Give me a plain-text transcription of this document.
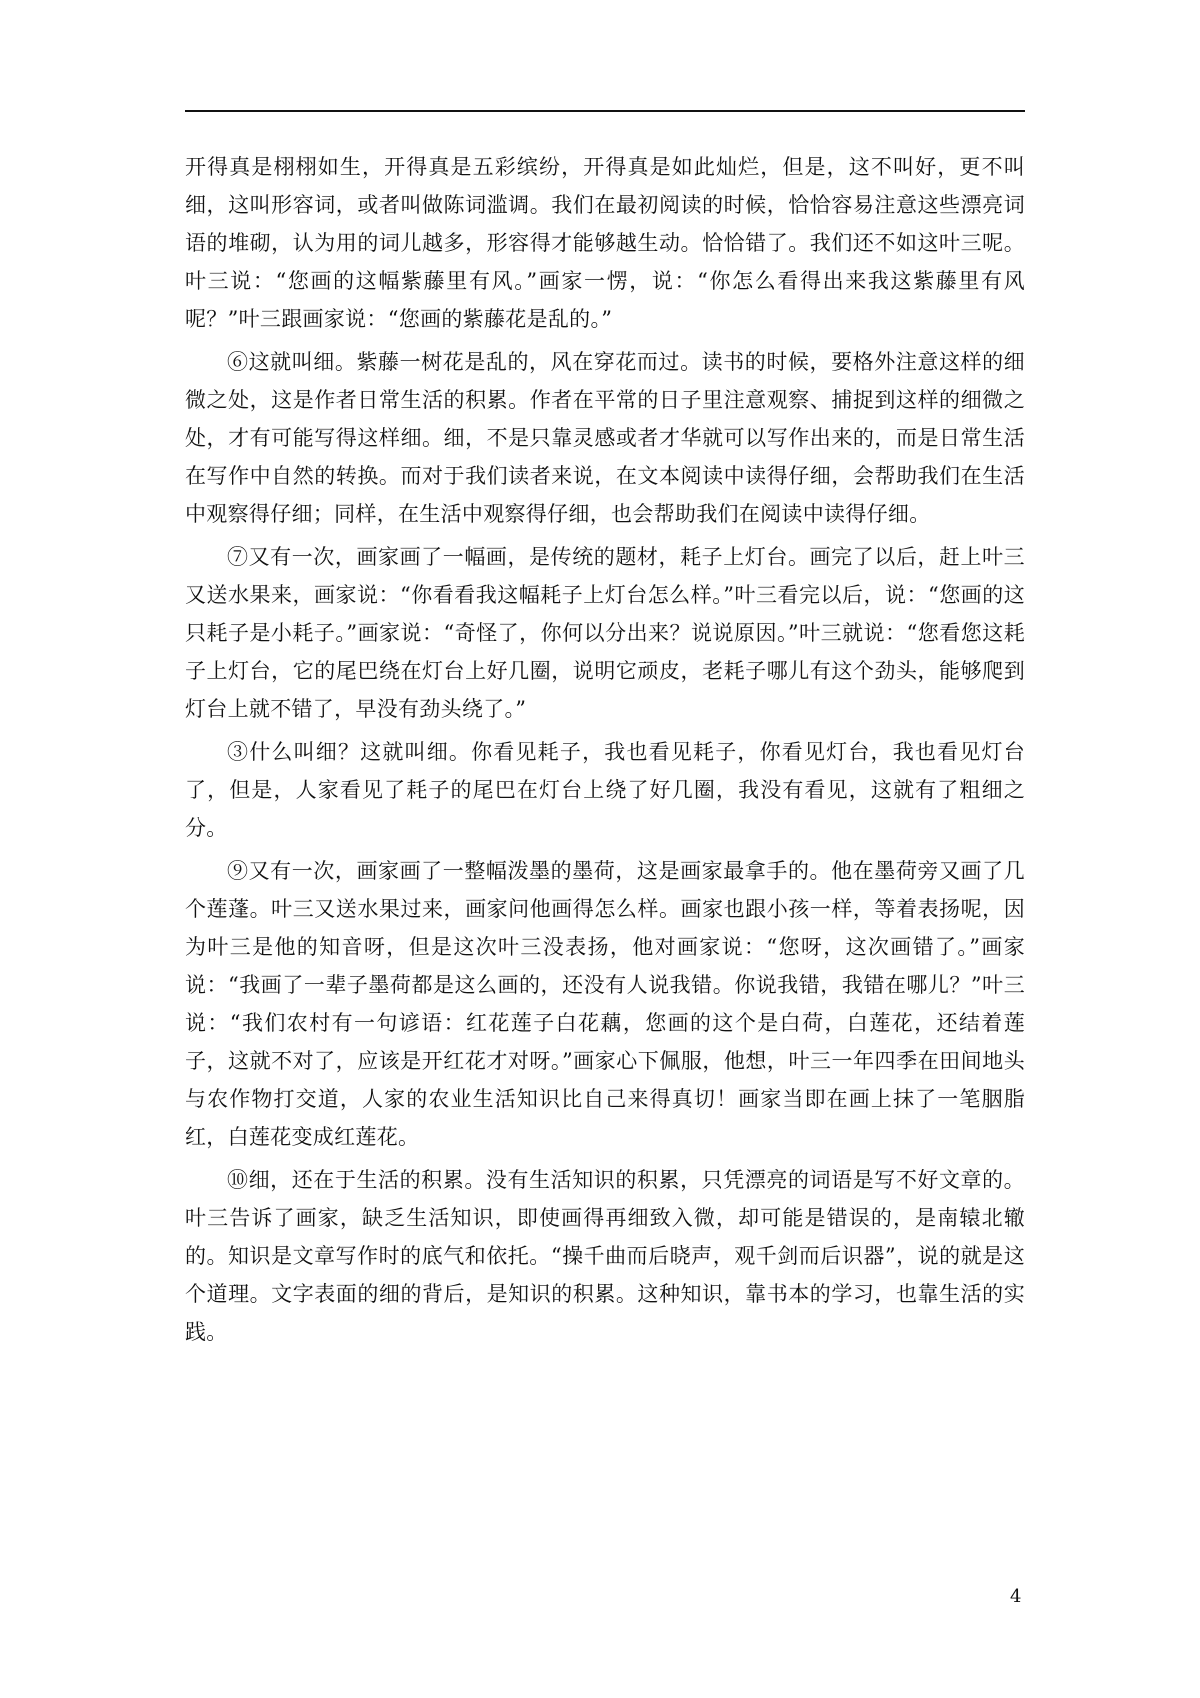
开得真是栩栩如生，开得真是五彩缤纷，开得真是如此灿烂，但是，这不叫好，更不叫细，这叫形容词，或者叫做陈词滥调。我们在最初阅读的时候，恰恰容易注意这些漂亮词语的堆砌，认为用的词儿越多，形容得才能够越生动。恰恰错了。我们还不如这叶三呢。叶三说：“您画的这幅紫藤里有风。”画家一愣，说：“你怎么看得出来我这紫藤里有风呢？”叶三跟画家说：“您画的紫藤花是乱的。”

⑥这就叫细。紫藤一树花是乱的，风在穿花而过。读书的时候，要格外注意这样的细微之处，这是作者日常生活的积累。作者在平常的日子里注意观察、捕捉到这样的细微之处，才有可能写得这样细。细，不是只靠灵感或者才华就可以写作出来的，而是日常生活在写作中自然的转换。而对于我们读者来说，在文本阅读中读得仔细，会帮助我们在生活中观察得仔细；同样，在生活中观察得仔细，也会帮助我们在阅读中读得仔细。

⑦又有一次，画家画了一幅画，是传统的题材，耗子上灯台。画完了以后，赶上叶三又送水果来，画家说：“你看看我这幅耗子上灯台怎么样。”叶三看完以后，说：“您画的这只耗子是小耗子。”画家说：“奇怪了，你何以分出来？说说原因。”叶三就说：“您看您这耗子上灯台，它的尾巴绕在灯台上好几圈，说明它顽皮，老耗子哪儿有这个劲头，能够爬到灯台上就不错了，早没有劲头绕了。”

③什么叫细？这就叫细。你看见耗子，我也看见耗子，你看见灯台，我也看见灯台了，但是，人家看见了耗子的尾巴在灯台上绕了好几圈，我没有看见，这就有了粗细之分。

⑨又有一次，画家画了一整幅泼墨的墨荷，这是画家最拿手的。他在墨荷旁又画了几个莲蓬。叶三又送水果过来，画家问他画得怎么样。画家也跟小孩一样，等着表扬呢，因为叶三是他的知音呀，但是这次叶三没表扬，他对画家说：“您呀，这次画错了。”画家说：“我画了一辈子墨荷都是这么画的，还没有人说我错。你说我错，我错在哪儿？”叶三说：“我们农村有一句谚语：红花莲子白花藕，您画的这个是白荷，白莲花，还结着莲子，这就不对了，应该是开红花才对呀。”画家心下佩服，他想，叶三一年四季在田间地头与农作物打交道，人家的农业生活知识比自己来得真切！画家当即在画上抹了一笔胭脂红，白莲花变成红莲花。

⑩细，还在于生活的积累。没有生活知识的积累，只凭漂亮的词语是写不好文章的。叶三告诉了画家，缺乏生活知识，即使画得再细致入微，却可能是错误的，是南辕北辙的。知识是文章写作时的底气和依托。“操千曲而后晓声，观千剑而后识器”，说的就是这个道理。文字表面的细的背后，是知识的积累。这种知识，靠书本的学习，也靠生活的实践。

4
